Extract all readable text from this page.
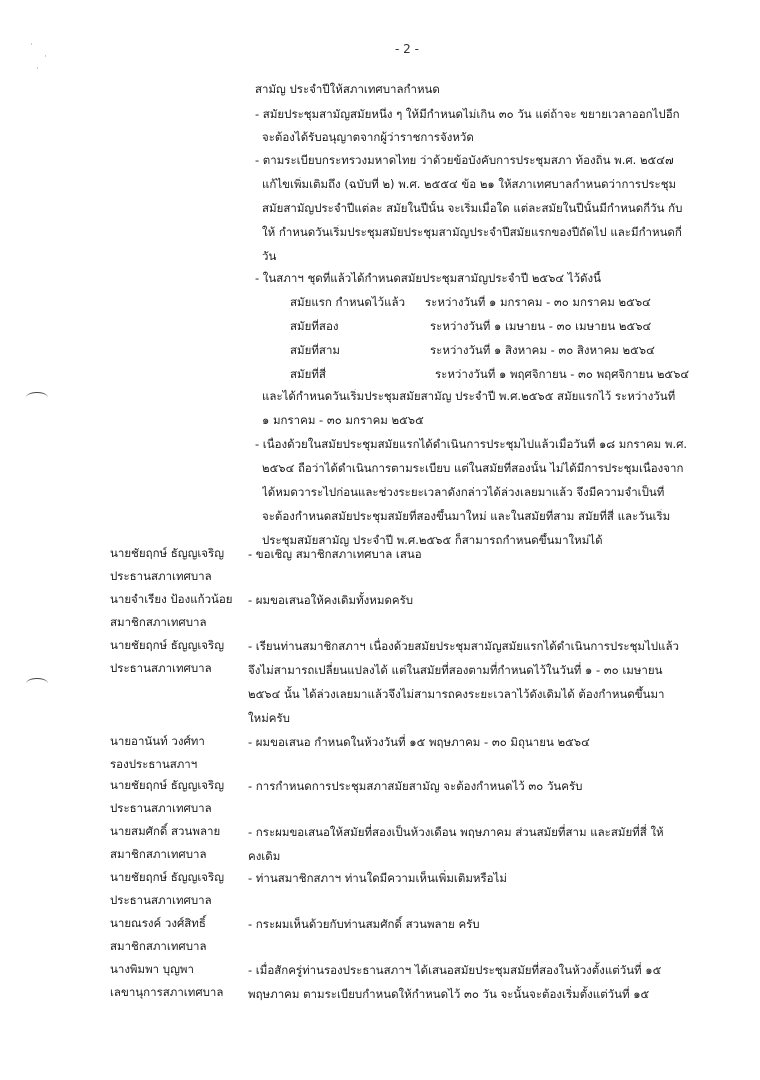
- 2 -
·
·
·
สามัญ ประจำปีให้สภาเทศบาลกำหนด
- สมัยประชุมสามัญสมัยหนึ่ง ๆ ให้มีกำหนดไม่เกิน ๓๐ วัน แต่ถ้าจะ ขยายเวลาออกไปอีก
จะต้องได้รับอนุญาตจากผู้ว่าราชการจังหวัด
- ตามระเบียบกระทรวงมหาดไทย ว่าด้วยข้อบังคับการประชุมสภา ท้องถิ่น พ.ศ. ๒๕๔๗
แก้ไขเพิ่มเติมถึง (ฉบับที่ ๒) พ.ศ. ๒๕๕๔ ข้อ ๒๑ ให้สภาเทศบาลกำหนดว่าการประชุม
สมัยสามัญประจำปีแต่ละ สมัยในปีนั้น จะเริ่มเมื่อใด แต่ละสมัยในปีนั้นมีกำหนดกี่วัน กับ
ให้ กำหนดวันเริ่มประชุมสมัยประชุมสามัญประจำปีสมัยแรกของปีถัดไป และมีกำหนดกี่
วัน
- ในสภาฯ ชุดที่แล้วได้กำหนดสมัยประชุมสามัญประจำปี ๒๕๖๔ ไว้ดังนี้
สมัยแรก กำหนดไว้แล้ว ระหว่างวันที่ ๑ มกราคม - ๓๐ มกราคม ๒๕๖๔
สมัยที่สอง	ระหว่างวันที่ ๑ เมษายน - ๓๐ เมษายน ๒๕๖๔
สมัยที่สาม	ระหว่างวันที่ ๑ สิงหาคม - ๓๐ สิงหาคม ๒๕๖๔
สมัยที่สี่	ระหว่างวันที่ ๑ พฤศจิกายน - ๓๐ พฤศจิกายน ๒๕๖๔
และได้กำหนดวันเริ่มประชุมสมัยสามัญ ประจำปี พ.ศ.๒๕๖๕ สมัยแรกไว้ ระหว่างวันที่
๑ มกราคม - ๓๐ มกราคม ๒๕๖๕
- เนื่องด้วยในสมัยประชุมสมัยแรกได้ดำเนินการประชุมไปแล้วเมื่อวันที่ ๑๘ มกราคม พ.ศ.
๒๕๖๔ ถือว่าได้ดำเนินการตามระเบียบ แต่ในสมัยที่สองนั้น ไม่ได้มีการประชุมเนื่องจาก
ได้หมดวาระไปก่อนและช่วงระยะเวลาดังกล่าวได้ล่วงเลยมาแล้ว จึงมีความจำเป็นที่
จะต้องกำหนดสมัยประชุมสมัยที่สองขึ้นมาใหม่ และในสมัยที่สาม สมัยที่สี่ และวันเริ่ม
ประชุมสมัยสามัญ ประจำปี พ.ศ.๒๕๖๕ ก็สามารถกำหนดขึ้นมาใหม่ได้
นายชัยฤกษ์ ธัญญเจริญ
ประธานสภาเทศบาล
- ขอเชิญ สมาชิกสภาเทศบาล เสนอ
นายจำเรียง ป้องแก้วน้อย
สมาชิกสภาเทศบาล
- ผมขอเสนอให้คงเดิมทั้งหมดครับ
นายชัยฤกษ์ ธัญญเจริญ
ประธานสภาเทศบาล
- เรียนท่านสมาชิกสภาฯ เนื่องด้วยสมัยประชุมสามัญสมัยแรกได้ดำเนินการประชุมไปแล้ว
จึงไม่สามารถเปลี่ยนแปลงได้ แต่ในสมัยที่สองตามที่กำหนดไว้ในวันที่ ๑ - ๓๐ เมษายน
๒๕๖๔ นั้น ได้ล่วงเลยมาแล้วจึงไม่สามารถคงระยะเวลาไว้ดังเดิมได้ ต้องกำหนดขึ้นมา
ใหม่ครับ
นายอานันท์ วงศ์ทา
รองประธานสภาฯ
- ผมขอเสนอ กำหนดในห้วงวันที่ ๑๕ พฤษภาคม - ๓๐ มิถุนายน ๒๕๖๔
นายชัยฤกษ์ ธัญญเจริญ
ประธานสภาเทศบาล
- การกำหนดการประชุมสภาสมัยสามัญ จะต้องกำหนดไว้ ๓๐ วันครับ
นายสมศักดิ์ สวนพลาย
สมาชิกสภาเทศบาล
- กระผมขอเสนอให้สมัยที่สองเป็นห้วงเดือน พฤษภาคม ส่วนสมัยที่สาม และสมัยที่สี่ ให้
คงเดิม
นายชัยฤกษ์ ธัญญเจริญ
ประธานสภาเทศบาล
- ท่านสมาชิกสภาฯ ท่านใดมีความเห็นเพิ่มเติมหรือไม่
นายณรงค์ วงศ์สิทธิ์
สมาชิกสภาเทศบาล
- กระผมเห็นด้วยกับท่านสมศักดิ์ สวนพลาย ครับ
นางพิมพา บุญพา
เลขานุการสภาเทศบาล
- เมื่อสักครู่ท่านรองประธานสภาฯ ได้เสนอสมัยประชุมสมัยที่สองในห้วงตั้งแต่วันที่ ๑๕
พฤษภาคม ตามระเบียบกำหนดให้กำหนดไว้ ๓๐ วัน จะนั้นจะต้องเริ่มตั้งแต่วันที่ ๑๕
